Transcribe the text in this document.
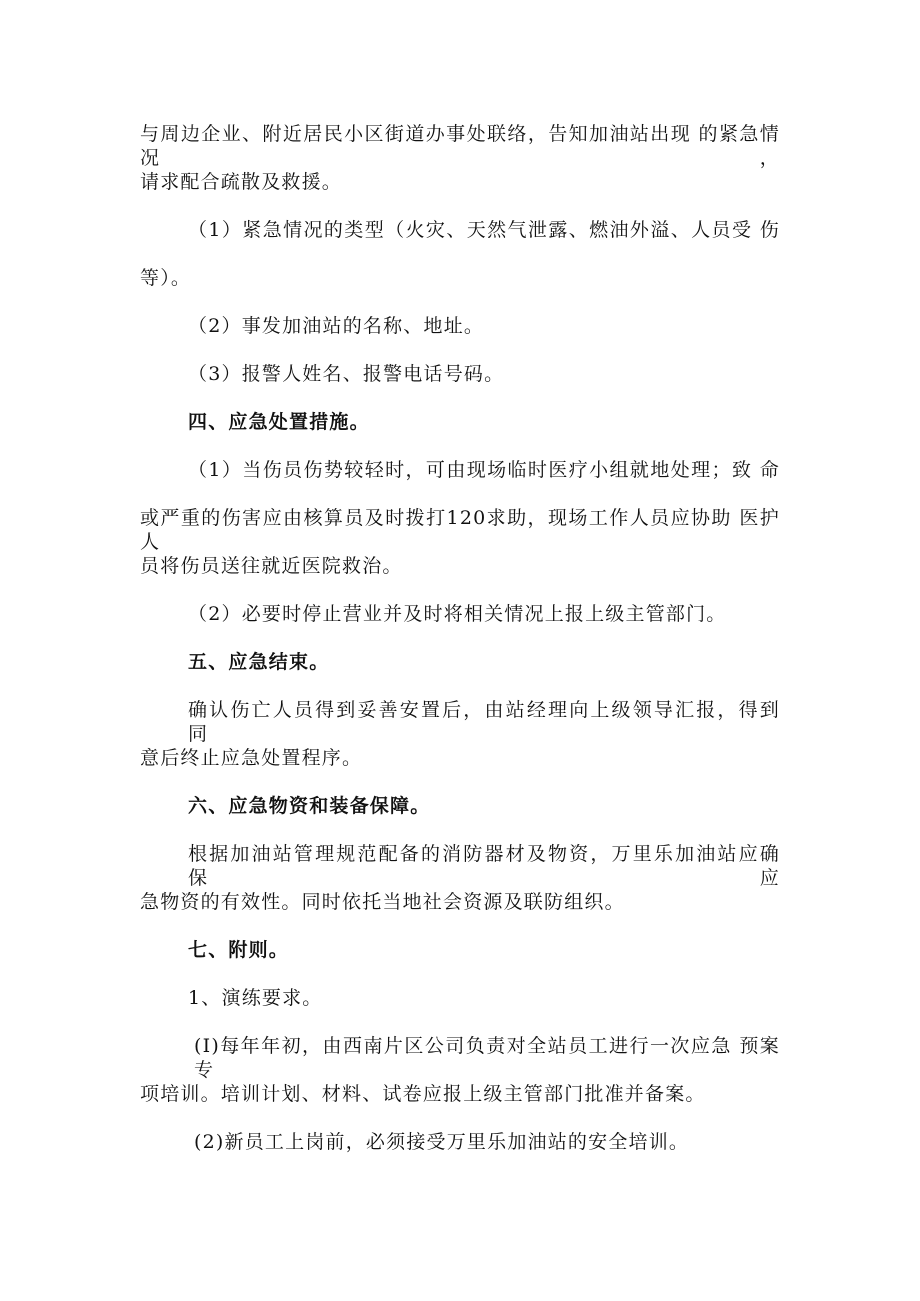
与周边企业、附近居民小区街道办事处联络，告知加油站出现 的紧急情况，
请求配合疏散及救援。
（1）紧急情况的类型（火灾、天然气泄露、燃油外溢、人员受 伤
等）。
（2）事发加油站的名称、地址。
（3）报警人姓名、报警电话号码。
四、应急处置措施。
（1）当伤员伤势较轻时，可由现场临时医疗小组就地处理；致 命
或严重的伤害应由核算员及时拨打120求助，现场工作人员应协助 医护人
员将伤员送往就近医院救治。
（2）必要时停止营业并及时将相关情况上报上级主管部门。
五、应急结束。
确认伤亡人员得到妥善安置后，由站经理向上级领导汇报，得到 同
意后终止应急处置程序。
六、应急物资和装备保障。
根据加油站管理规范配备的消防器材及物资，万里乐加油站应确 保应
急物资的有效性。同时依托当地社会资源及联防组织。
七、附则。
1、演练要求。
(I)每年年初，由西南片区公司负责对全站员工进行一次应急 预案专
项培训。培训计划、材料、试卷应报上级主管部门批准并备案。
(2)新员工上岗前，必须接受万里乐加油站的安全培训。
